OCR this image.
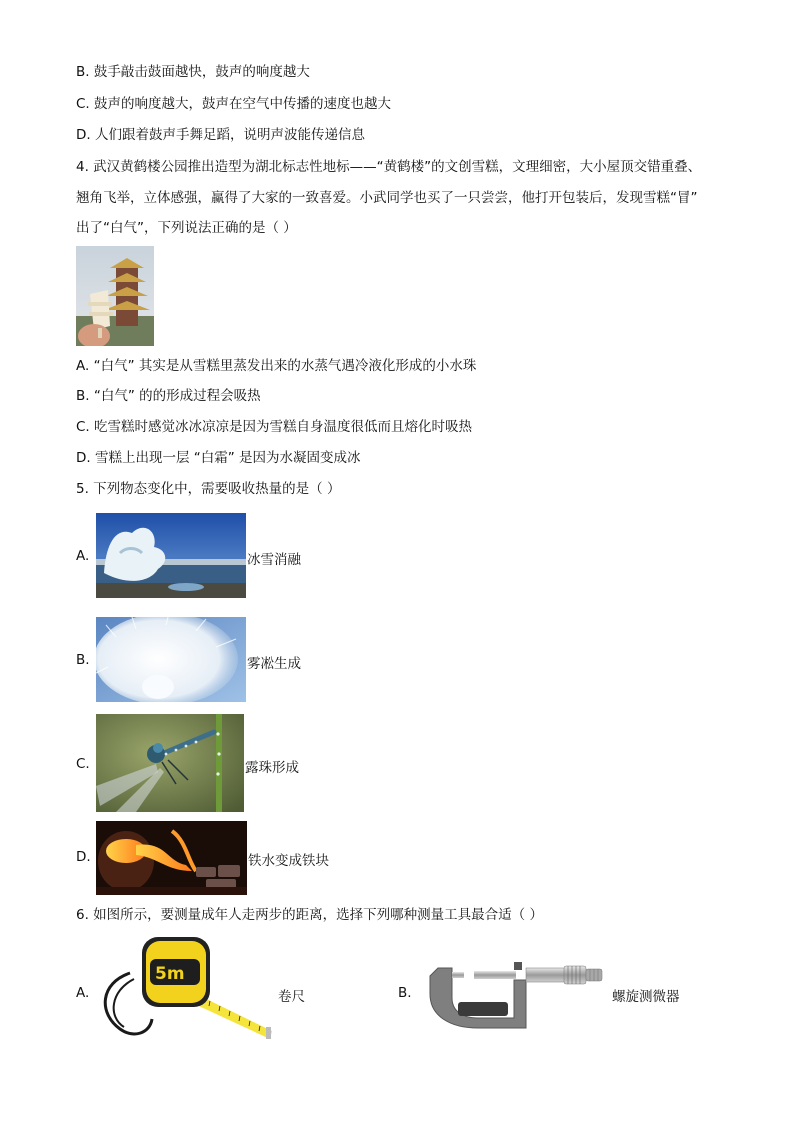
B. 鼓手敲击鼓面越快，鼓声的响度越大
C. 鼓声的响度越大，鼓声在空气中传播的速度也越大
D. 人们跟着鼓声手舞足蹈，说明声波能传递信息
4. 武汉黄鹤楼公园推出造型为湖北标志性地标——“黄鹤楼”的文创雪糕，文理细密，大小屋顶交错重叠、
翘角飞举，立体感强，赢得了大家的一致喜爱。小武同学也买了一只尝尝，他打开包装后，发现雪糕“冒”
出了“白气”，下列说法正确的是（ ）
A. “白气” 其实是从雪糕里蒸发出来的水蒸气遇冷液化形成的小水珠
B. “白气” 的的形成过程会吸热
C. 吃雪糕时感觉冰冰凉凉是因为雪糕自身温度很低而且熔化时吸热
D. 雪糕上出现一层 “白霜” 是因为水凝固变成冰
5. 下列物态变化中，需要吸收热量的是（ ）
A.	冰雪消融
B.	雾凇生成
C.	露珠形成
D.	铁水变成铁块
6. 如图所示，要测量成年人走两步的距离，选择下列哪种测量工具最合适（ ）
A.
5m
卷尺	B.	螺旋测微器
